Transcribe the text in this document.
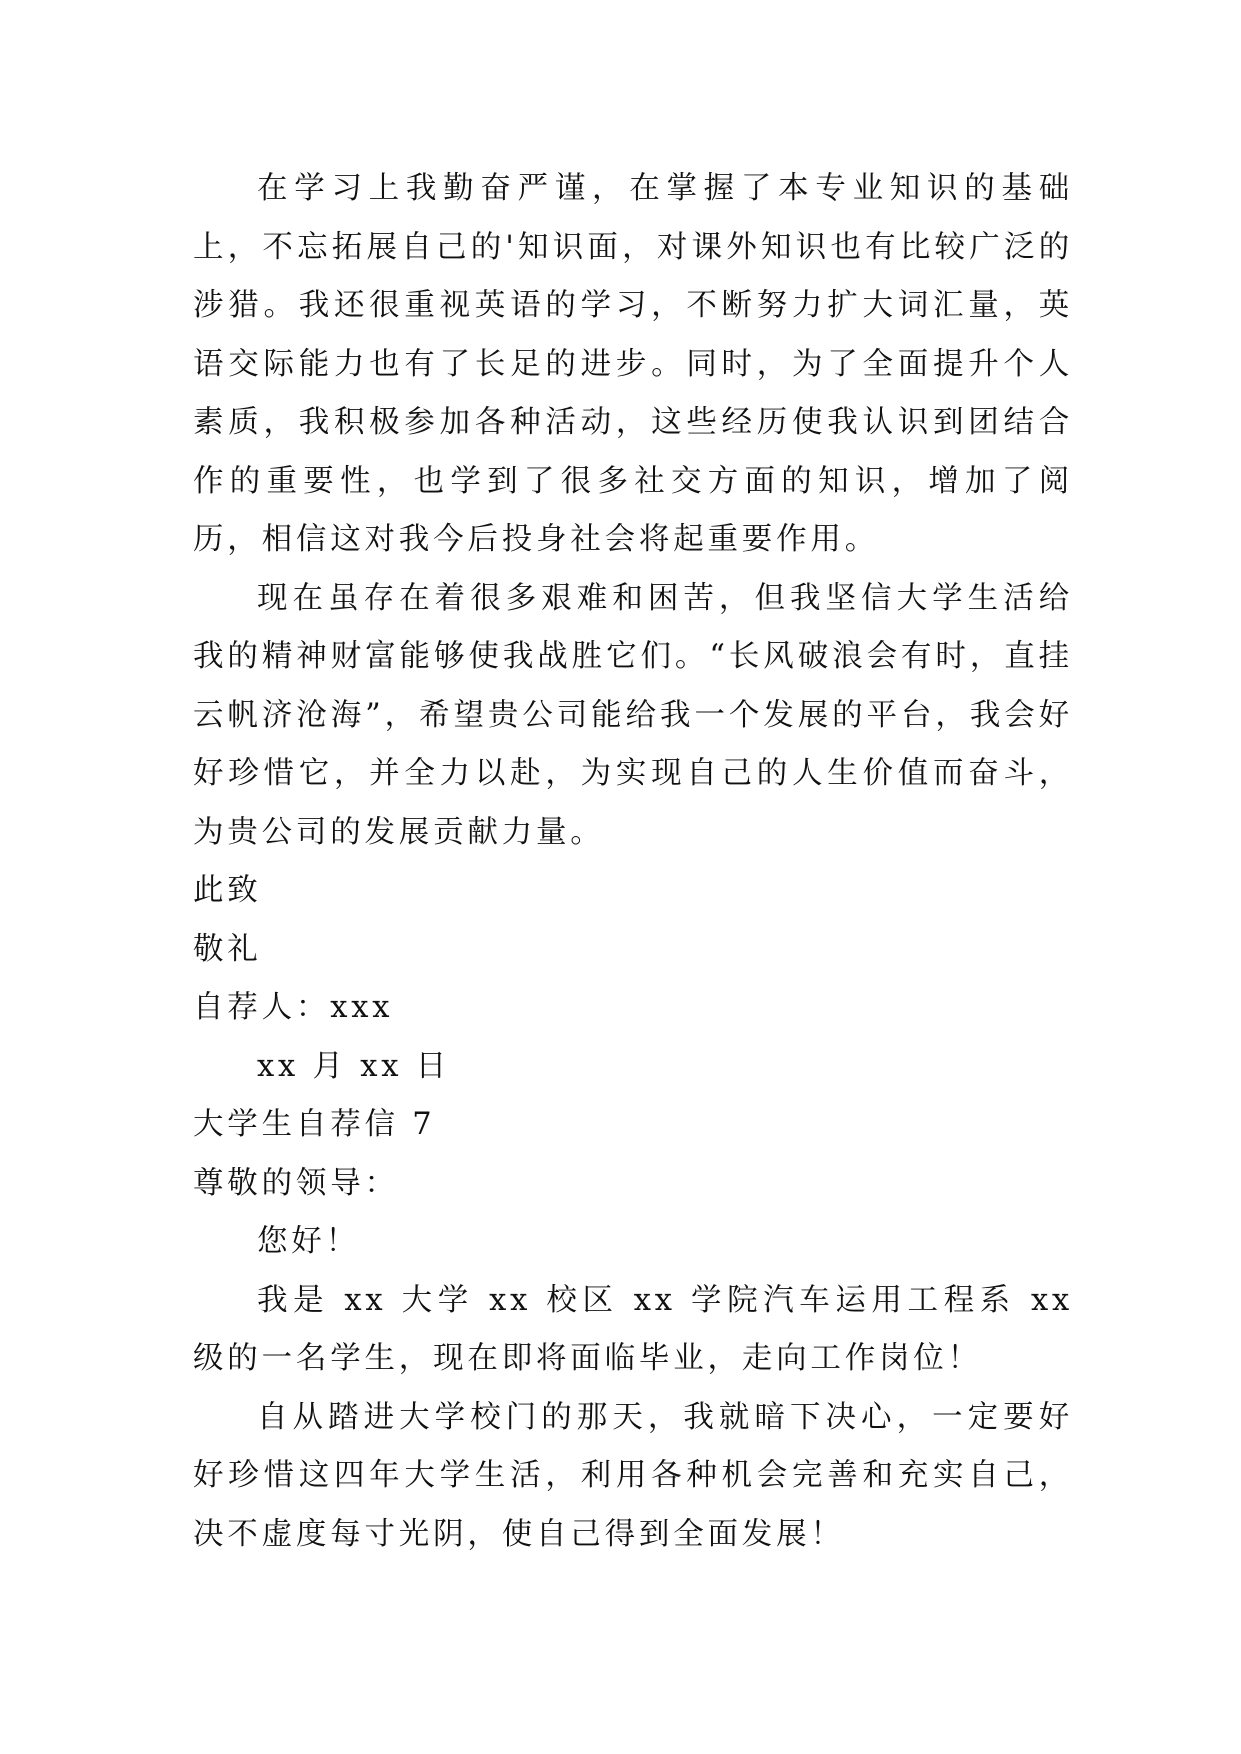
在学习上我勤奋严谨，在掌握了本专业知识的基础上，不忘拓展自己的'知识面，对课外知识也有比较广泛的涉猎。我还很重视英语的学习，不断努力扩大词汇量，英语交际能力也有了长足的进步。同时，为了全面提升个人素质，我积极参加各种活动，这些经历使我认识到团结合作的重要性，也学到了很多社交方面的知识，增加了阅历，相信这对我今后投身社会将起重要作用。

现在虽存在着很多艰难和困苦，但我坚信大学生活给我的精神财富能够使我战胜它们。“长风破浪会有时，直挂云帆济沧海”，希望贵公司能给我一个发展的平台，我会好好珍惜它，并全力以赴，为实现自己的人生价值而奋斗，为贵公司的发展贡献力量。

此致

敬礼

自荐人：xxx

xx 月 xx 日

大学生自荐信 7

尊敬的领导：

您好！

我是 xx 大学 xx 校区 xx 学院汽车运用工程系 xx 级的一名学生，现在即将面临毕业，走向工作岗位！

自从踏进大学校门的那天，我就暗下决心，一定要好好珍惜这四年大学生活，利用各种机会完善和充实自己，决不虚度每寸光阴，使自己得到全面发展！
